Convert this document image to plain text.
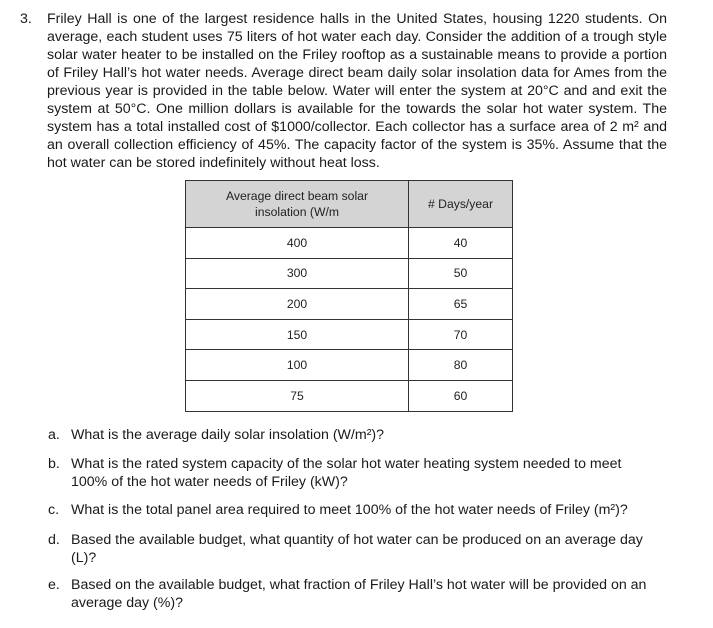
3. Friley Hall is one of the largest residence halls in the United States, housing 1220 students. On average, each student uses 75 liters of hot water each day. Consider the addition of a trough style solar water heater to be installed on the Friley rooftop as a sustainable means to provide a portion of Friley Hall’s hot water needs. Average direct beam daily solar insolation data for Ames from the previous year is provided in the table below. Water will enter the system at 20°C and and exit the system at 50°C. One million dollars is available for the towards the solar hot water system. The system has a total installed cost of $1000/collector. Each collector has a surface area of 2 m² and an overall collection efficiency of 45%. The capacity factor of the system is 35%. Assume that the hot water can be stored indefinitely without heat loss.

Average direct beam solar insolation (W/m	# Days/year
400	40
300	50
200	65
150	70
100	80
75	60
a. What is the average daily solar insolation (W/m²)?
b. What is the rated system capacity of the solar hot water heating system needed to meet 100% of the hot water needs of Friley (kW)?
c. What is the total panel area required to meet 100% of the hot water needs of Friley (m²)?
d. Based the available budget, what quantity of hot water can be produced on an average day (L)?
e. Based on the available budget, what fraction of Friley Hall’s hot water will be provided on an average day (%)?
